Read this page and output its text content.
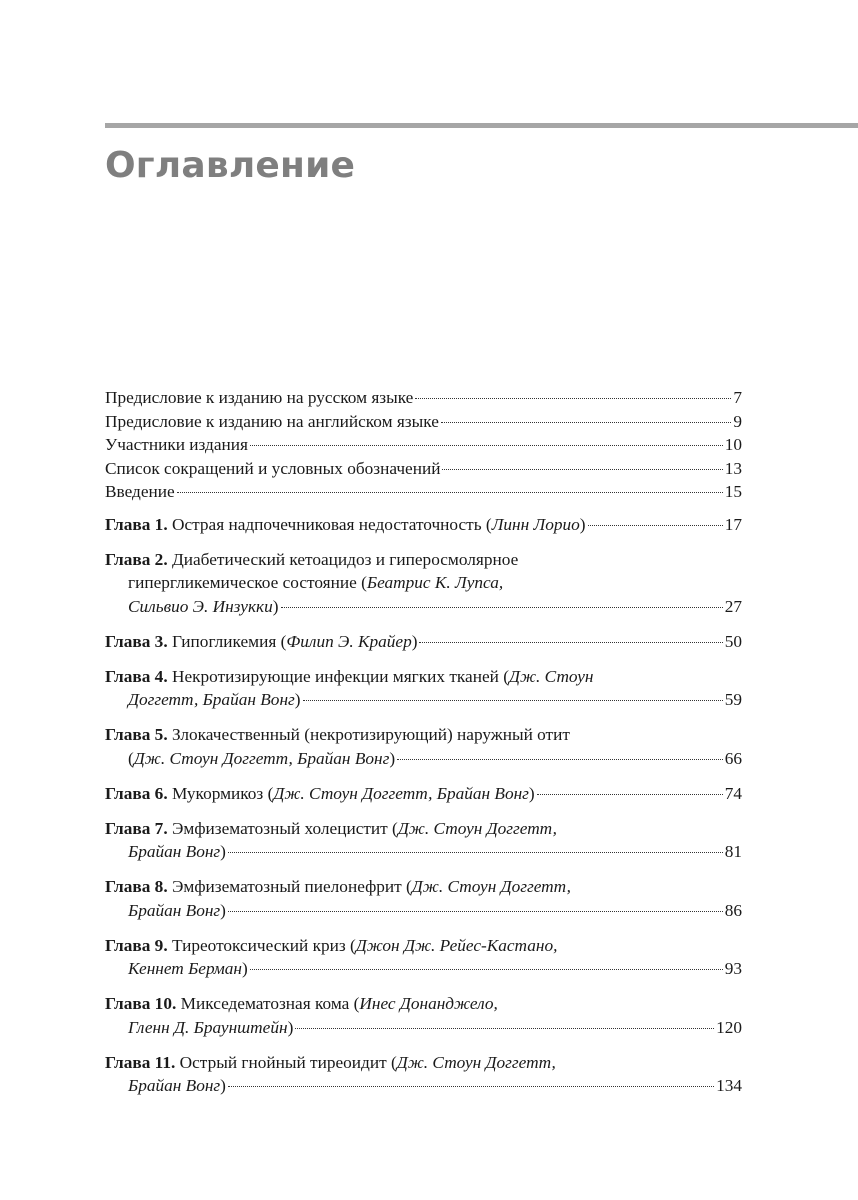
Оглавление
Предисловие к изданию на русском языке	7
Предисловие к изданию на английском языке	9
Участники издания	10
Список сокращений и условных обозначений	13
Введение	15
Глава 1. Острая надпочечниковая недостаточность (Линн Лорио)	17
Глава 2. Диабетический кетоацидоз и гиперосмолярное
гипергликемическое состояние (Беатрис К. Лупса,
Сильвио Э. Инзукки)	27
Глава 3. Гипогликемия (Филип Э. Крайер)	50
Глава 4. Некротизирующие инфекции мягких тканей (Дж. Стоун
Доггетт, Брайан Вонг)	59
Глава 5. Злокачественный (некротизирующий) наружный отит
(Дж. Стоун Доггетт, Брайан Вонг)	66
Глава 6. Мукормикоз (Дж. Стоун Доггетт, Брайан Вонг)	74
Глава 7. Эмфизематозный холецистит (Дж. Стоун Доггетт,
Брайан Вонг)	81
Глава 8. Эмфизематозный пиелонефрит (Дж. Стоун Доггетт,
Брайан Вонг)	86
Глава 9. Тиреотоксический криз (Джон Дж. Рейес-Кастано,
Кеннет Берман)	93
Глава 10. Микседематозная кома (Инес Донанджело,
Гленн Д. Браунштейн)	120
Глава 11. Острый гнойный тиреоидит (Дж. Стоун Доггетт,
Брайан Вонг)	134
